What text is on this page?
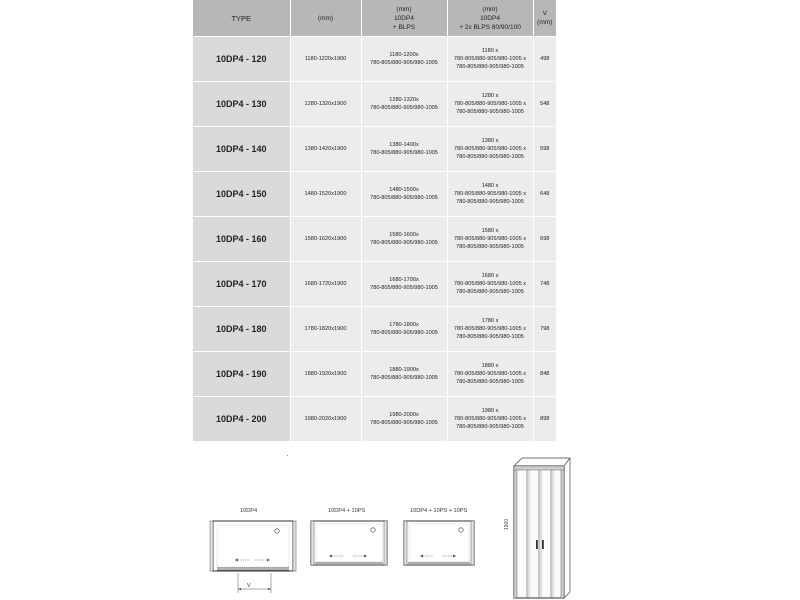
TYPE	(mm)	(mm)
10DP4
+ BLPS	(mm)
10DP4
+ 2x BLPS 80/90/100	V (mm)

10DP4 - 120	1180-1220x1900	1180-1200x
780-805/880-905/980-1005	1180 x
780-805/880-905/980-1005 x
780-805/880-905/980-1005	498
10DP4 - 130	1280-1320x1900	1280-1320x
780-805/880-905/980-1005	1280 x
780-805/880-905/980-1005 x
780-805/880-905/980-1005	548
10DP4 - 140	1380-1420x1900	1380-1400x
780-805/880-905/980-1005	1380 x
780-805/880-905/980-1005 x
780-805/880-905/980-1005	598
10DP4 - 150	1480-1520x1900	1480-1500x
780-805/880-905/980-1005	1480 x
780-805/880-905/980-1005 x
780-805/880-905/980-1005	648
10DP4 - 160	1580-1620x1900	1580-1600x
780-805/880-905/980-1005	1580 x
780-805/880-905/980-1005 x
780-805/880-905/980-1005	698
10DP4 - 170	1680-1720x1900	1680-1700x
780-805/880-905/980-1005	1680 x
780-805/880-905/980-1005 x
780-805/880-905/980-1005	748
10DP4 - 180	1780-1820x1900	1780-1800x
780-805/880-905/980-1005	1780 x
780-805/880-905/980-1005 x
780-805/880-905/980-1005	798
10DP4 - 190	1880-1920x1900	1880-1900x
780-805/880-905/980-1005	1880 x
780-805/880-905/980-1005 x
780-805/880-905/980-1005	848
10DP4 - 200	1980-2020x1900	1980-2000x
780-805/880-905/980-1005	1980 x
780-805/880-905/980-1005 x
780-805/880-905/980-1005	898
10DP4
V
10DP4 + 10PS	10DP4 + 10PS + 10PS
1900
